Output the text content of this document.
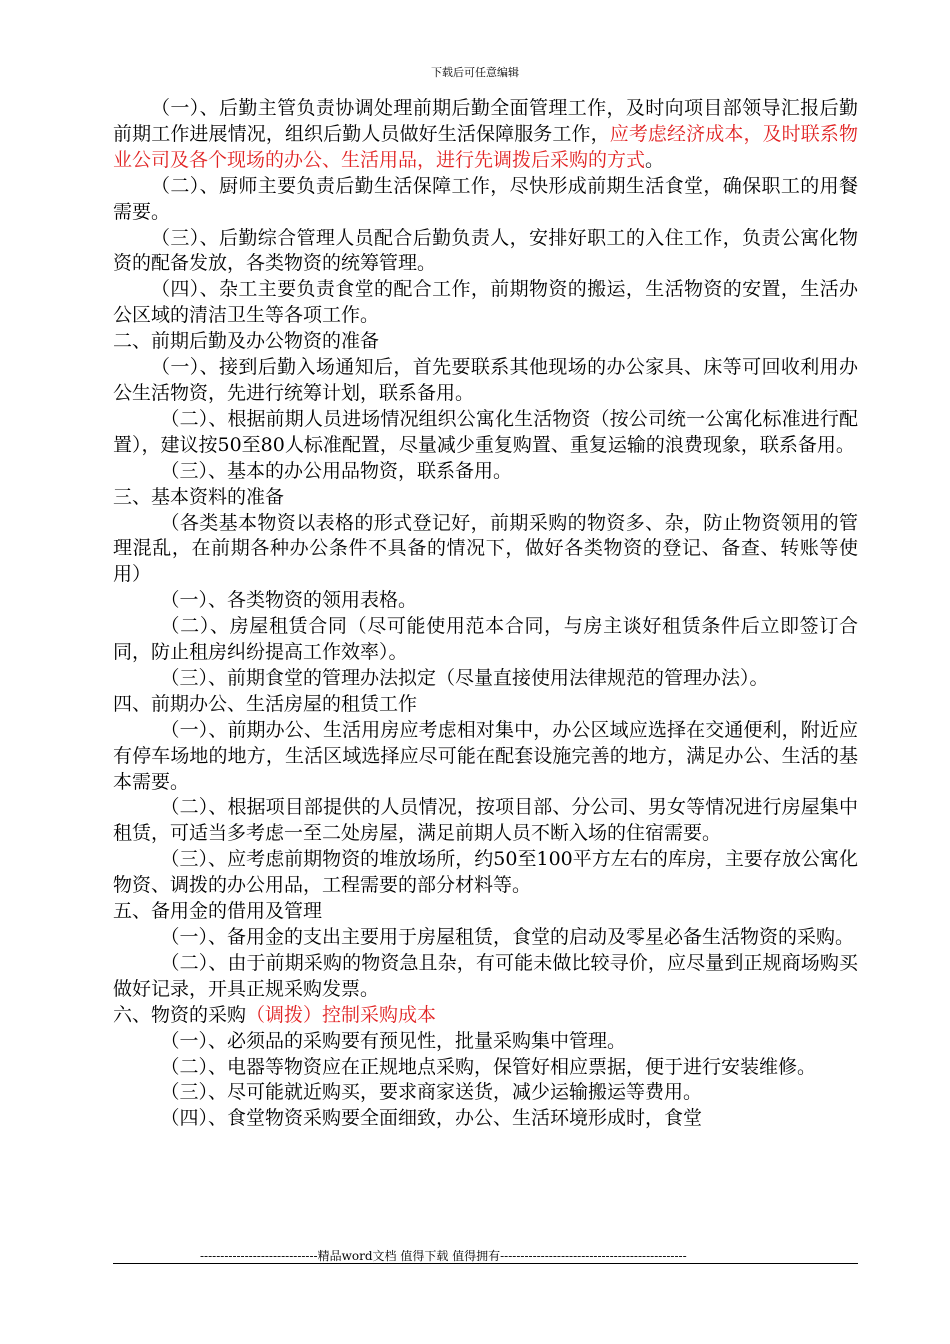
下载后可任意编辑

（一）、后勤主管负责协调处理前期后勤全面管理工作，及时向项目部领导汇报后勤前期工作进展情况，组织后勤人员做好生活保障服务工作，应考虑经济成本，及时联系物业公司及各个现场的办公、生活用品，进行先调拨后采购的方式。

（二）、厨师主要负责后勤生活保障工作，尽快形成前期生活食堂，确保职工的用餐需要。

（三）、后勤综合管理人员配合后勤负责人，安排好职工的入住工作，负责公寓化物资的配备发放，各类物资的统筹管理。

（四）、杂工主要负责食堂的配合工作，前期物资的搬运，生活物资的安置，生活办公区域的清洁卫生等各项工作。

二、前期后勤及办公物资的准备

（一）、接到后勤入场通知后，首先要联系其他现场的办公家具、床等可回收利用办公生活物资，先进行统筹计划，联系备用。

（二）、根据前期人员进场情况组织公寓化生活物资（按公司统一公寓化标准进行配置），建议按50至80人标准配置，尽量减少重复购置、重复运输的浪费现象，联系备用。

（三）、基本的办公用品物资，联系备用。

三、基本资料的准备

（各类基本物资以表格的形式登记好，前期采购的物资多、杂，防止物资领用的管理混乱，在前期各种办公条件不具备的情况下，做好各类物资的登记、备查、转账等使用）

（一）、各类物资的领用表格。

（二）、房屋租赁合同（尽可能使用范本合同，与房主谈好租赁条件后立即签订合同，防止租房纠纷提高工作效率）。

（三）、前期食堂的管理办法拟定（尽量直接使用法律规范的管理办法）。

四、前期办公、生活房屋的租赁工作

（一）、前期办公、生活用房应考虑相对集中，办公区域应选择在交通便利，附近应有停车场地的地方，生活区域选择应尽可能在配套设施完善的地方，满足办公、生活的基本需要。

（二）、根据项目部提供的人员情况，按项目部、分公司、男女等情况进行房屋集中租赁，可适当多考虑一至二处房屋，满足前期人员不断入场的住宿需要。

（三）、应考虑前期物资的堆放场所，约50至100平方左右的库房，主要存放公寓化物资、调拨的办公用品，工程需要的部分材料等。

五、备用金的借用及管理

（一）、备用金的支出主要用于房屋租赁，食堂的启动及零星必备生活物资的采购。

（二）、由于前期采购的物资急且杂，有可能未做比较寻价，应尽量到正规商场购买做好记录，开具正规采购发票。

六、物资的采购（调拨）控制采购成本

（一）、必须品的采购要有预见性，批量采购集中管理。

（二）、电器等物资应在正规地点采购，保管好相应票据，便于进行安装维修。

（三）、尽可能就近购买，要求商家送货，减少运输搬运等费用。

（四）、食堂物资采购要全面细致，办公、生活环境形成时，食堂

-----------------------------精品word文档 值得下载 值得拥有----------------------------------------------
